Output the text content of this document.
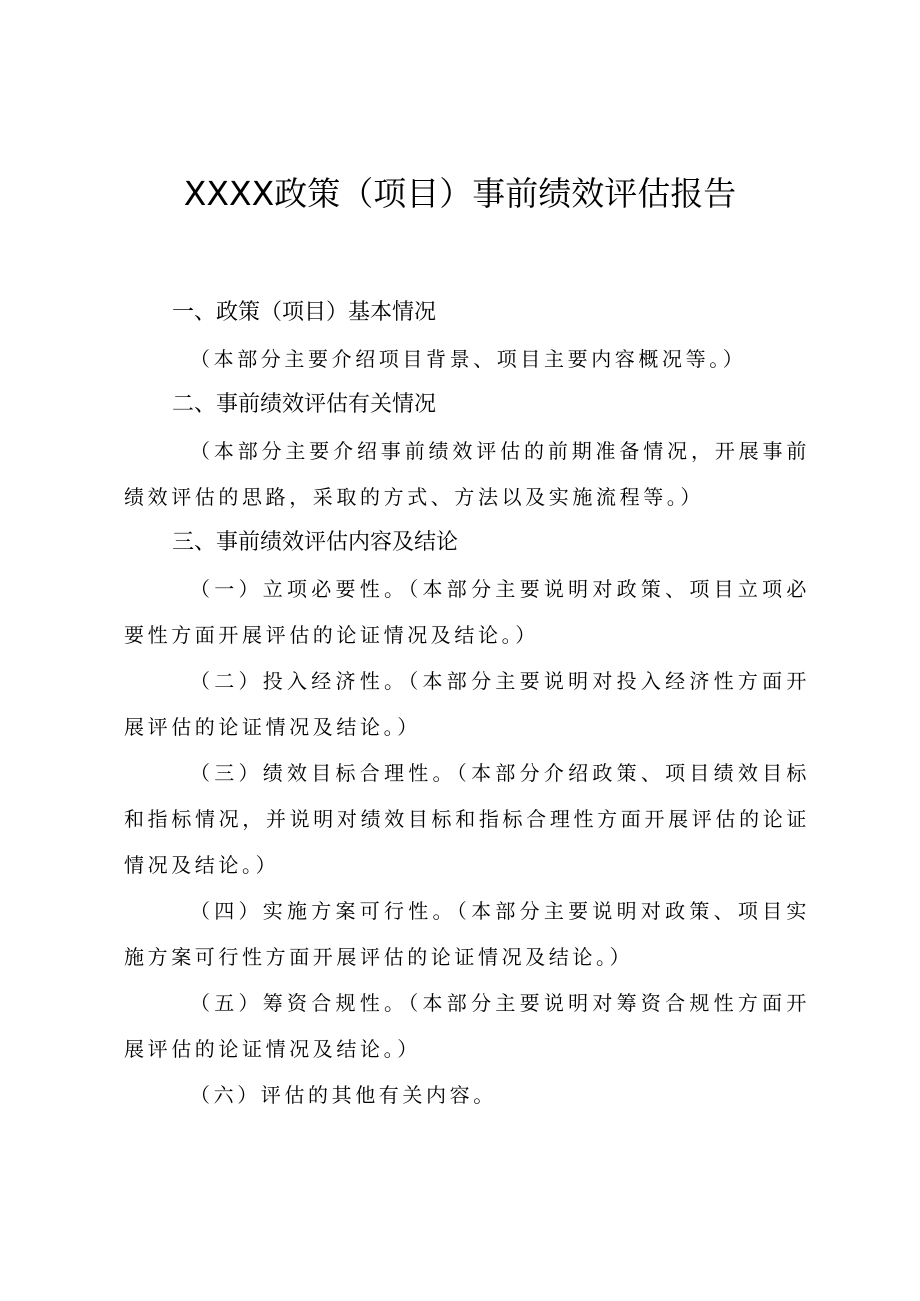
XXXX政策（项目）事前绩效评估报告

一、政策（项目）基本情况

（本部分主要介绍项目背景、项目主要内容概况等。）

二、事前绩效评估有关情况

（本部分主要介绍事前绩效评估的前期准备情况，开展事前绩效评估的思路，采取的方式、方法以及实施流程等。）

三、事前绩效评估内容及结论

（一）立项必要性。（本部分主要说明对政策、项目立项必要性方面开展评估的论证情况及结论。）

（二）投入经济性。（本部分主要说明对投入经济性方面开展评估的论证情况及结论。）

（三）绩效目标合理性。（本部分介绍政策、项目绩效目标和指标情况，并说明对绩效目标和指标合理性方面开展评估的论证情况及结论。）

（四）实施方案可行性。（本部分主要说明对政策、项目实施方案可行性方面开展评估的论证情况及结论。）

（五）筹资合规性。（本部分主要说明对筹资合规性方面开展评估的论证情况及结论。）

（六）评估的其他有关内容。
